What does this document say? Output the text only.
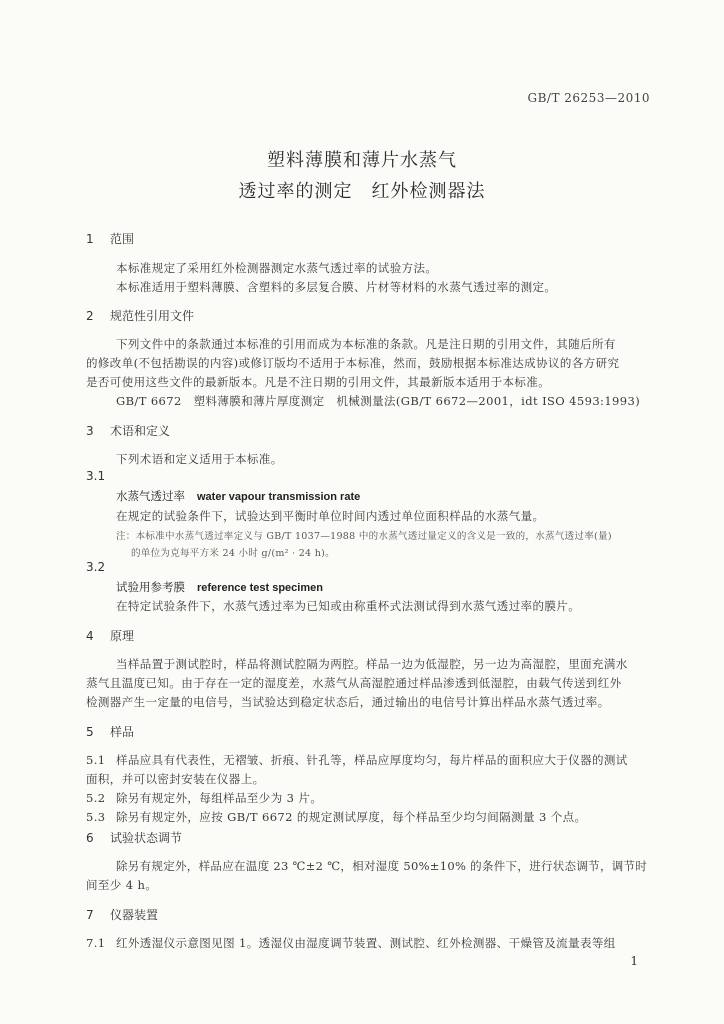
GB/T 26253—2010
塑料薄膜和薄片水蒸气
透过率的测定　红外检测器法
1 范围
本标准规定了采用红外检测器测定水蒸气透过率的试验方法。
本标准适用于塑料薄膜、含塑料的多层复合膜、片材等材料的水蒸气透过率的测定。
2 规范性引用文件
下列文件中的条款通过本标准的引用而成为本标准的条款。凡是注日期的引用文件，其随后所有
的修改单(不包括勘误的内容)或修订版均不适用于本标准，然而，鼓励根据本标准达成协议的各方研究
是否可使用这些文件的最新版本。凡是不注日期的引用文件，其最新版本适用于本标准。
GB/T 6672　塑料薄膜和薄片厚度测定　机械测量法(GB/T 6672—2001，idt ISO 4593:1993)
3 术语和定义
下列术语和定义适用于本标准。
3.1
水蒸气透过率 water vapour transmission rate
在规定的试验条件下，试验达到平衡时单位时间内透过单位面积样品的水蒸气量。
注：本标准中水蒸气透过率定义与 GB/T 1037—1988 中的水蒸气透过量定义的含义是一致的，水蒸气透过率(量)
的单位为克每平方米 24 小时 g/(m² · 24 h)。
3.2
试验用参考膜 reference test specimen
在特定试验条件下，水蒸气透过率为已知或由称重杯式法测试得到水蒸气透过率的膜片。
4 原理
当样品置于测试腔时，样品将测试腔隔为两腔。样品一边为低湿腔，另一边为高湿腔，里面充满水
蒸气且温度已知。由于存在一定的湿度差，水蒸气从高湿腔通过样品渗透到低湿腔，由载气传送到红外
检测器产生一定量的电信号，当试验达到稳定状态后，通过输出的电信号计算出样品水蒸气透过率。
5 样品
5.1 样品应具有代表性，无褶皱、折痕、针孔等，样品应厚度均匀，每片样品的面积应大于仪器的测试
面积，并可以密封安装在仪器上。
5.2 除另有规定外，每组样品至少为 3 片。
5.3 除另有规定外，应按 GB/T 6672 的规定测试厚度，每个样品至少均匀间隔测量 3 个点。
6 试验状态调节
除另有规定外，样品应在温度 23 ℃±2 ℃，相对湿度 50%±10% 的条件下，进行状态调节，调节时
间至少 4 h。
7 仪器装置
7.1 红外透湿仪示意图见图 1。透湿仪由湿度调节装置、测试腔、红外检测器、干燥管及流量表等组
1
